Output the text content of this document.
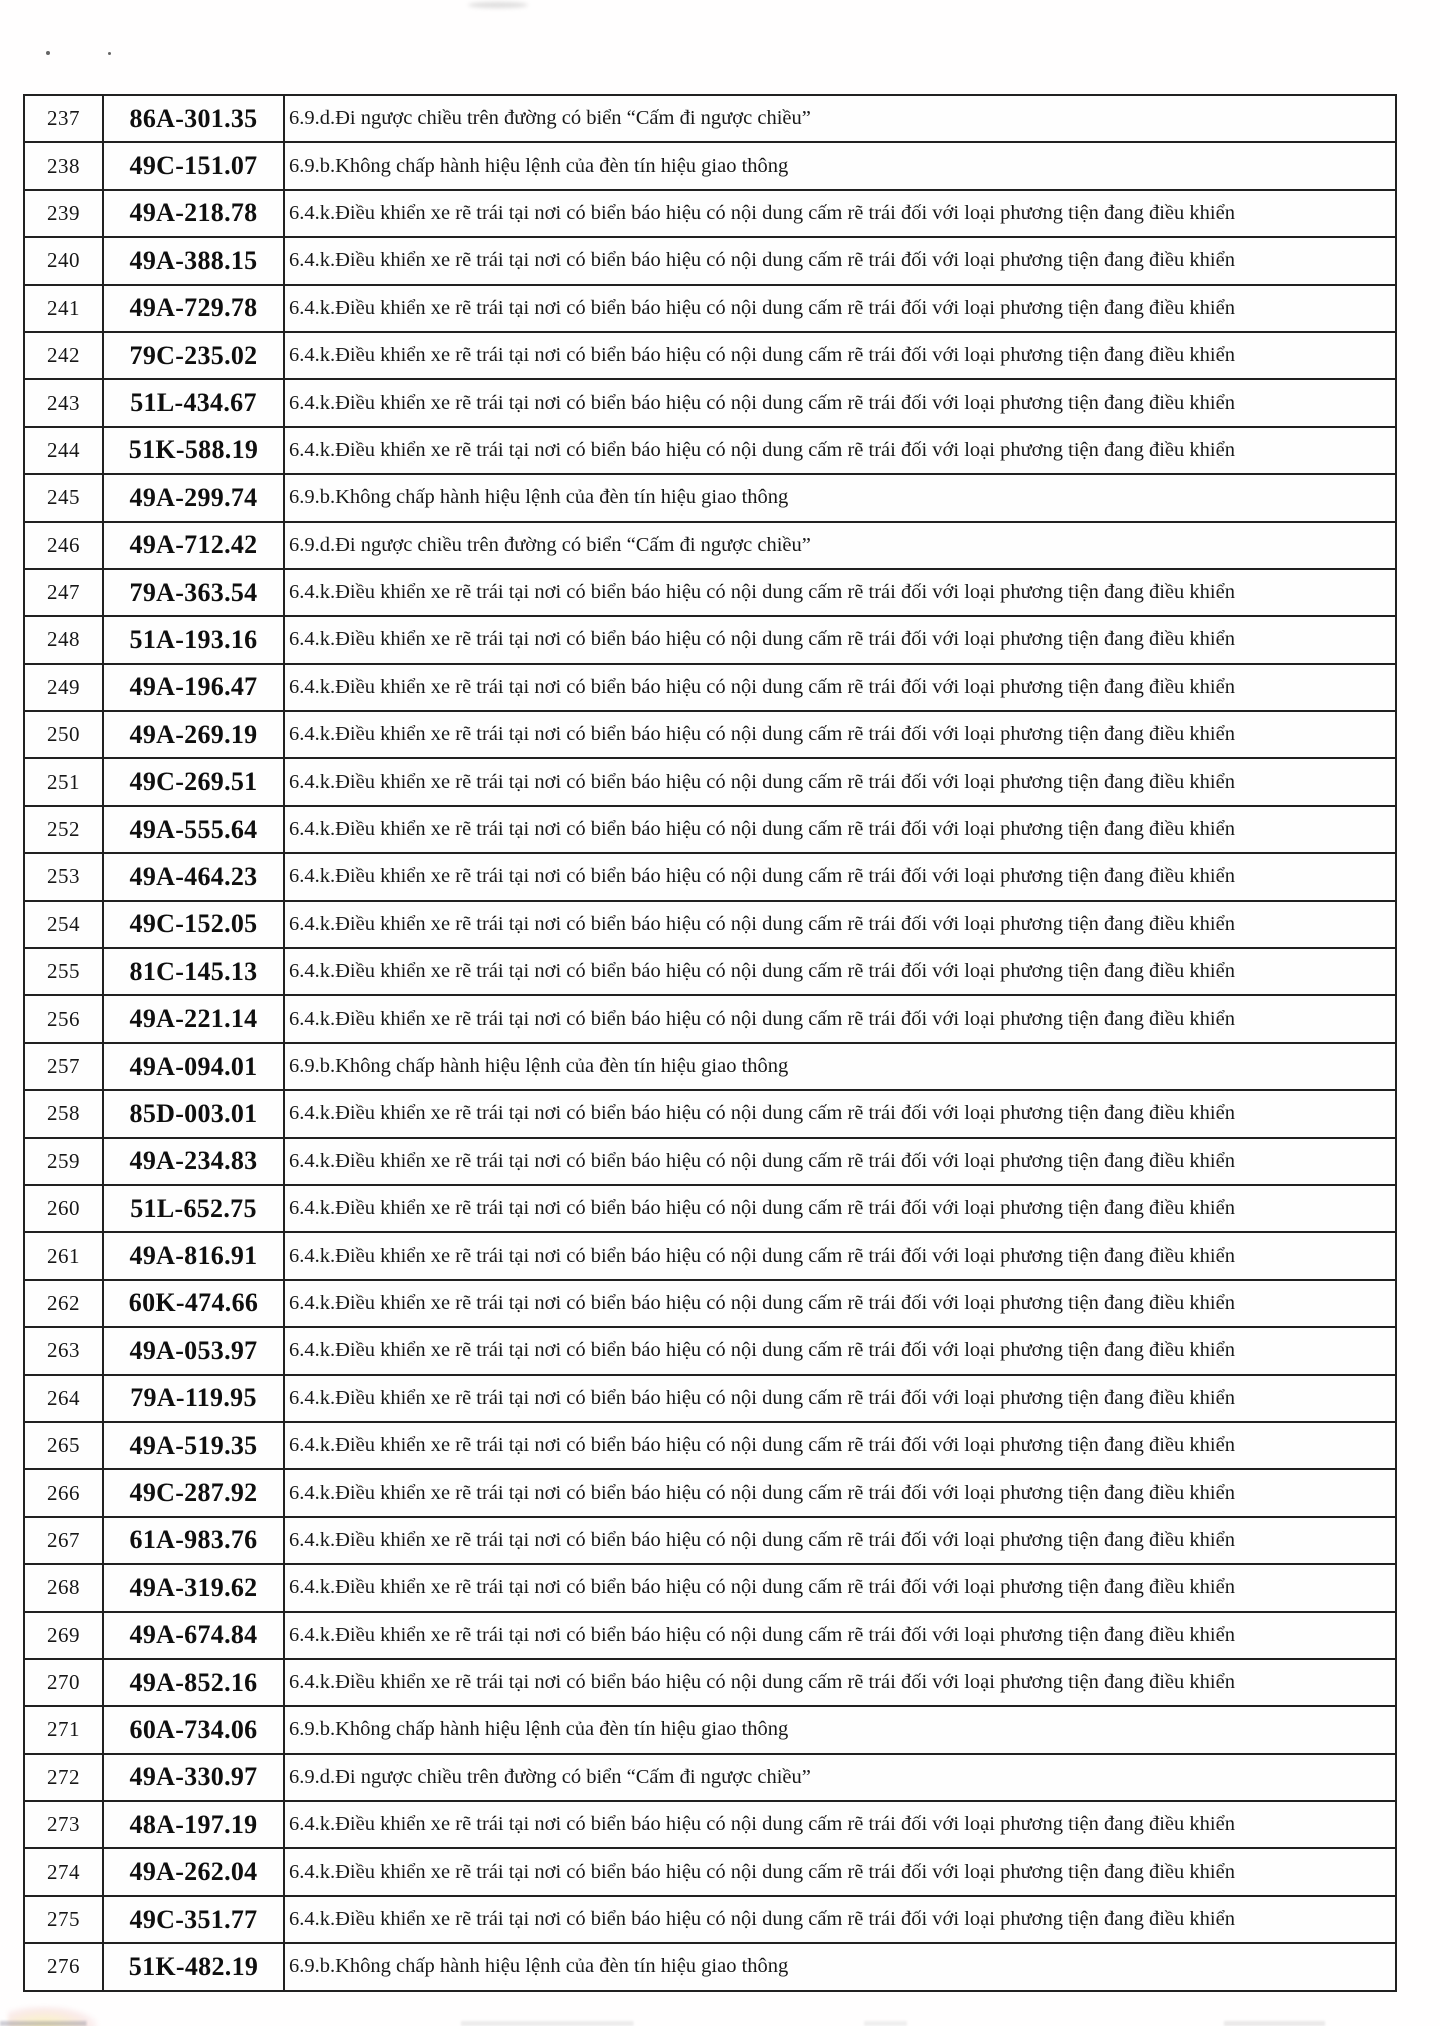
237	86A-301.35	6.9.d.Đi ngược chiều trên đường có biển “Cấm đi ngược chiều”
238	49C-151.07	6.9.b.Không chấp hành hiệu lệnh của đèn tín hiệu giao thông
239	49A-218.78	6.4.k.Điều khiển xe rẽ trái tại nơi có biển báo hiệu có nội dung cấm rẽ trái đối với loại phương tiện đang điều khiển
240	49A-388.15	6.4.k.Điều khiển xe rẽ trái tại nơi có biển báo hiệu có nội dung cấm rẽ trái đối với loại phương tiện đang điều khiển
241	49A-729.78	6.4.k.Điều khiển xe rẽ trái tại nơi có biển báo hiệu có nội dung cấm rẽ trái đối với loại phương tiện đang điều khiển
242	79C-235.02	6.4.k.Điều khiển xe rẽ trái tại nơi có biển báo hiệu có nội dung cấm rẽ trái đối với loại phương tiện đang điều khiển
243	51L-434.67	6.4.k.Điều khiển xe rẽ trái tại nơi có biển báo hiệu có nội dung cấm rẽ trái đối với loại phương tiện đang điều khiển
244	51K-588.19	6.4.k.Điều khiển xe rẽ trái tại nơi có biển báo hiệu có nội dung cấm rẽ trái đối với loại phương tiện đang điều khiển
245	49A-299.74	6.9.b.Không chấp hành hiệu lệnh của đèn tín hiệu giao thông
246	49A-712.42	6.9.d.Đi ngược chiều trên đường có biển “Cấm đi ngược chiều”
247	79A-363.54	6.4.k.Điều khiển xe rẽ trái tại nơi có biển báo hiệu có nội dung cấm rẽ trái đối với loại phương tiện đang điều khiển
248	51A-193.16	6.4.k.Điều khiển xe rẽ trái tại nơi có biển báo hiệu có nội dung cấm rẽ trái đối với loại phương tiện đang điều khiển
249	49A-196.47	6.4.k.Điều khiển xe rẽ trái tại nơi có biển báo hiệu có nội dung cấm rẽ trái đối với loại phương tiện đang điều khiển
250	49A-269.19	6.4.k.Điều khiển xe rẽ trái tại nơi có biển báo hiệu có nội dung cấm rẽ trái đối với loại phương tiện đang điều khiển
251	49C-269.51	6.4.k.Điều khiển xe rẽ trái tại nơi có biển báo hiệu có nội dung cấm rẽ trái đối với loại phương tiện đang điều khiển
252	49A-555.64	6.4.k.Điều khiển xe rẽ trái tại nơi có biển báo hiệu có nội dung cấm rẽ trái đối với loại phương tiện đang điều khiển
253	49A-464.23	6.4.k.Điều khiển xe rẽ trái tại nơi có biển báo hiệu có nội dung cấm rẽ trái đối với loại phương tiện đang điều khiển
254	49C-152.05	6.4.k.Điều khiển xe rẽ trái tại nơi có biển báo hiệu có nội dung cấm rẽ trái đối với loại phương tiện đang điều khiển
255	81C-145.13	6.4.k.Điều khiển xe rẽ trái tại nơi có biển báo hiệu có nội dung cấm rẽ trái đối với loại phương tiện đang điều khiển
256	49A-221.14	6.4.k.Điều khiển xe rẽ trái tại nơi có biển báo hiệu có nội dung cấm rẽ trái đối với loại phương tiện đang điều khiển
257	49A-094.01	6.9.b.Không chấp hành hiệu lệnh của đèn tín hiệu giao thông
258	85D-003.01	6.4.k.Điều khiển xe rẽ trái tại nơi có biển báo hiệu có nội dung cấm rẽ trái đối với loại phương tiện đang điều khiển
259	49A-234.83	6.4.k.Điều khiển xe rẽ trái tại nơi có biển báo hiệu có nội dung cấm rẽ trái đối với loại phương tiện đang điều khiển
260	51L-652.75	6.4.k.Điều khiển xe rẽ trái tại nơi có biển báo hiệu có nội dung cấm rẽ trái đối với loại phương tiện đang điều khiển
261	49A-816.91	6.4.k.Điều khiển xe rẽ trái tại nơi có biển báo hiệu có nội dung cấm rẽ trái đối với loại phương tiện đang điều khiển
262	60K-474.66	6.4.k.Điều khiển xe rẽ trái tại nơi có biển báo hiệu có nội dung cấm rẽ trái đối với loại phương tiện đang điều khiển
263	49A-053.97	6.4.k.Điều khiển xe rẽ trái tại nơi có biển báo hiệu có nội dung cấm rẽ trái đối với loại phương tiện đang điều khiển
264	79A-119.95	6.4.k.Điều khiển xe rẽ trái tại nơi có biển báo hiệu có nội dung cấm rẽ trái đối với loại phương tiện đang điều khiển
265	49A-519.35	6.4.k.Điều khiển xe rẽ trái tại nơi có biển báo hiệu có nội dung cấm rẽ trái đối với loại phương tiện đang điều khiển
266	49C-287.92	6.4.k.Điều khiển xe rẽ trái tại nơi có biển báo hiệu có nội dung cấm rẽ trái đối với loại phương tiện đang điều khiển
267	61A-983.76	6.4.k.Điều khiển xe rẽ trái tại nơi có biển báo hiệu có nội dung cấm rẽ trái đối với loại phương tiện đang điều khiển
268	49A-319.62	6.4.k.Điều khiển xe rẽ trái tại nơi có biển báo hiệu có nội dung cấm rẽ trái đối với loại phương tiện đang điều khiển
269	49A-674.84	6.4.k.Điều khiển xe rẽ trái tại nơi có biển báo hiệu có nội dung cấm rẽ trái đối với loại phương tiện đang điều khiển
270	49A-852.16	6.4.k.Điều khiển xe rẽ trái tại nơi có biển báo hiệu có nội dung cấm rẽ trái đối với loại phương tiện đang điều khiển
271	60A-734.06	6.9.b.Không chấp hành hiệu lệnh của đèn tín hiệu giao thông
272	49A-330.97	6.9.d.Đi ngược chiều trên đường có biển “Cấm đi ngược chiều”
273	48A-197.19	6.4.k.Điều khiển xe rẽ trái tại nơi có biển báo hiệu có nội dung cấm rẽ trái đối với loại phương tiện đang điều khiển
274	49A-262.04	6.4.k.Điều khiển xe rẽ trái tại nơi có biển báo hiệu có nội dung cấm rẽ trái đối với loại phương tiện đang điều khiển
275	49C-351.77	6.4.k.Điều khiển xe rẽ trái tại nơi có biển báo hiệu có nội dung cấm rẽ trái đối với loại phương tiện đang điều khiển
276	51K-482.19	6.9.b.Không chấp hành hiệu lệnh của đèn tín hiệu giao thông
